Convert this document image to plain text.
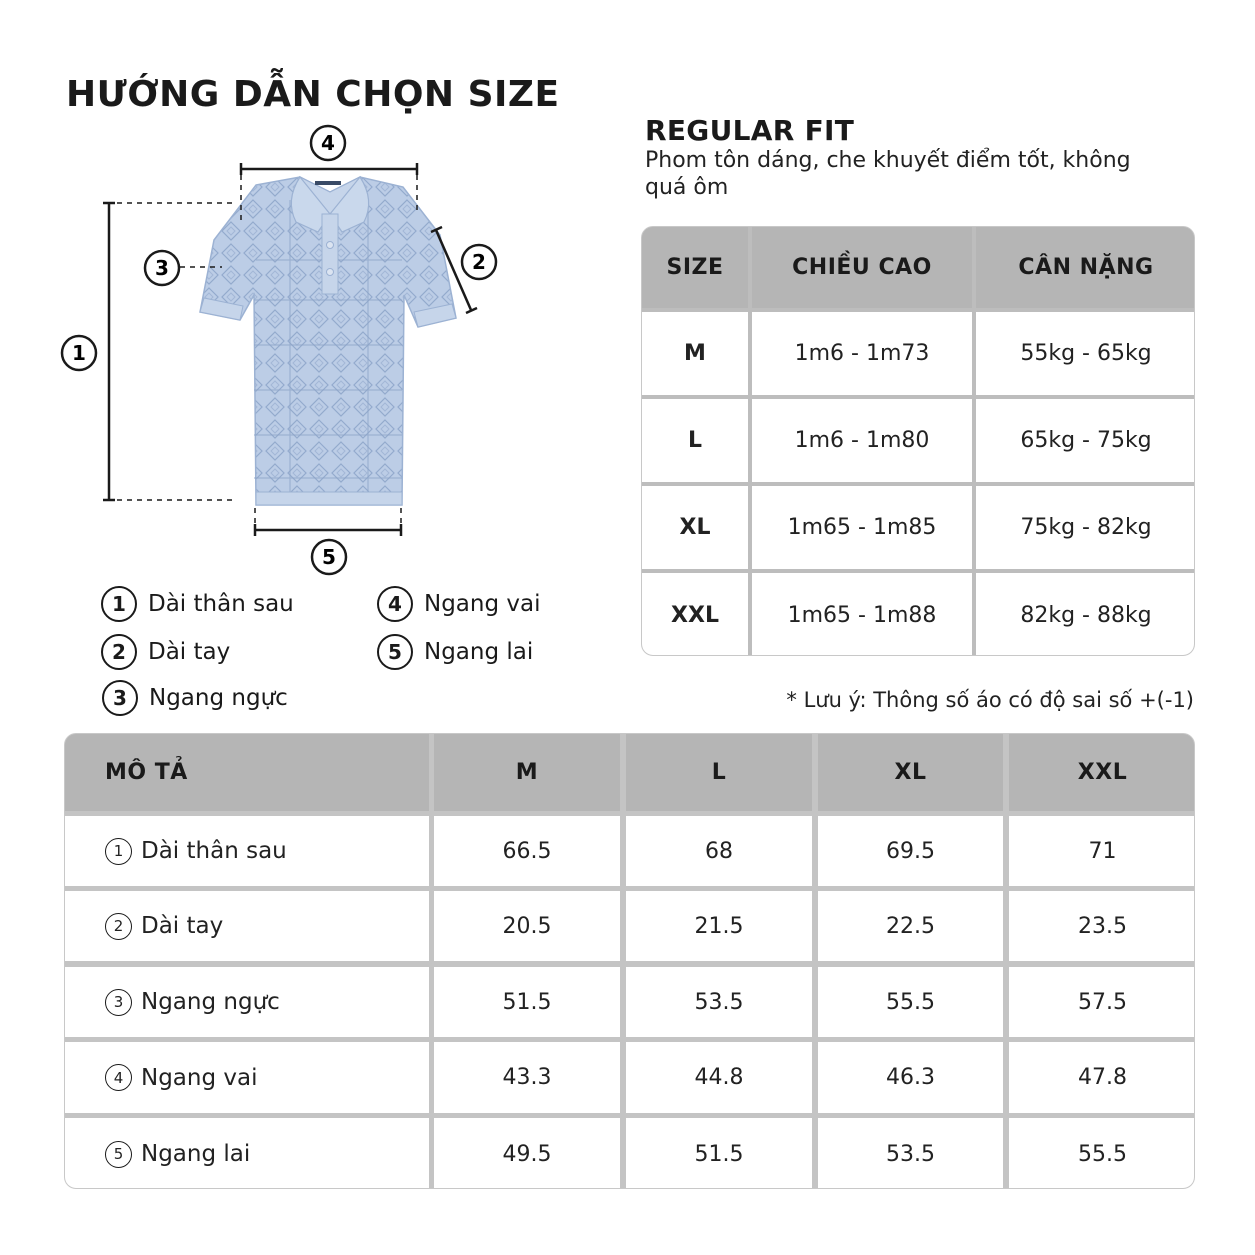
HƯỚNG DẪN CHỌN SIZE
REGULAR FIT
Phom tôn dáng, che khuyết điểm tốt, không quá ôm
1
2
3
4
5
1 Dài thân sau
2 Dài tay
3 Ngang ngực
4 Ngang vai
5 Ngang lai
SIZE	CHIỀU CAO	CÂN NẶNG
M	1m6 - 1m73	55kg - 65kg
L	1m6 - 1m80	65kg - 75kg
XL	1m65 - 1m85	75kg - 82kg
XXL	1m65 - 1m88	82kg - 88kg
* Lưu ý: Thông số áo có độ sai số +(-1)
MÔ TẢ	M	L	XL	XXL
1 Dài thân sau	66.5	68	69.5	71
2 Dài tay	20.5	21.5	22.5	23.5
3 Ngang ngực	51.5	53.5	55.5	57.5
4 Ngang vai	43.3	44.8	46.3	47.8
5 Ngang lai	49.5	51.5	53.5	55.5
